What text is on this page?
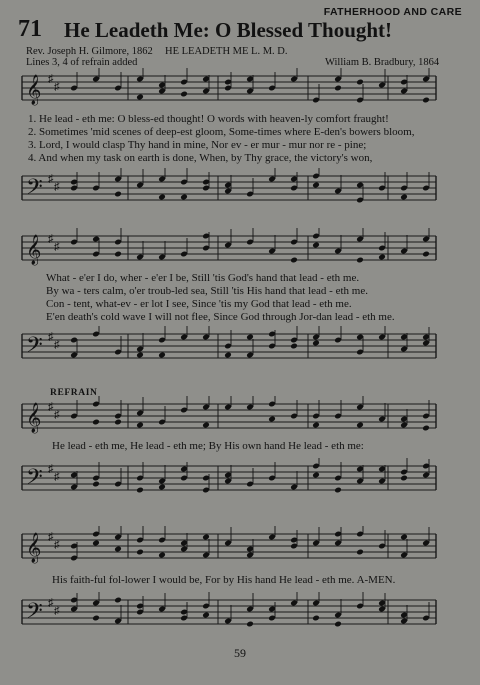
FATHERHOOD AND CARE
71 He Leadeth Me: O Blessed Thought!
Rev. Joseph H. Gilmore, 1862
Lines 3, 4 of refrain added
HE LEADETH ME L. M. D.
William B. Bradbury, 1864
𝄞 ♯
♯
1. He lead - eth me: O bless-ed thought! O words with heaven-ly comfort fraught!
2. Sometimes 'mid scenes of deep-est gloom, Some-times where E-den's bowers bloom,
3. Lord, I would clasp Thy hand in mine, Nor ev - er mur - mur nor re - pine;
4. And when my task on earth is done, When, by Thy grace, the victory's won,
𝄢 ♯
♯
𝄞 ♯
♯
What - e'er I do, wher - e'er I be, Still 'tis God's hand that lead - eth me.
By wa - ters calm, o'er troub-led sea, Still 'tis His hand that lead - eth me.
Con - tent, what-ev - er lot I see, Since 'tis my God that lead - eth me.
E'en death's cold wave I will not flee, Since God through Jor-dan lead - eth me.
𝄢 ♯
♯
REFRAIN
𝄞 ♯
♯
He lead - eth me, He lead - eth me; By His own hand He lead - eth me:
𝄢 ♯
♯
𝄞 ♯
♯
His faith-ful fol-lower I would be, For by His hand He lead - eth me. A-MEN.
𝄢 ♯
♯
59
